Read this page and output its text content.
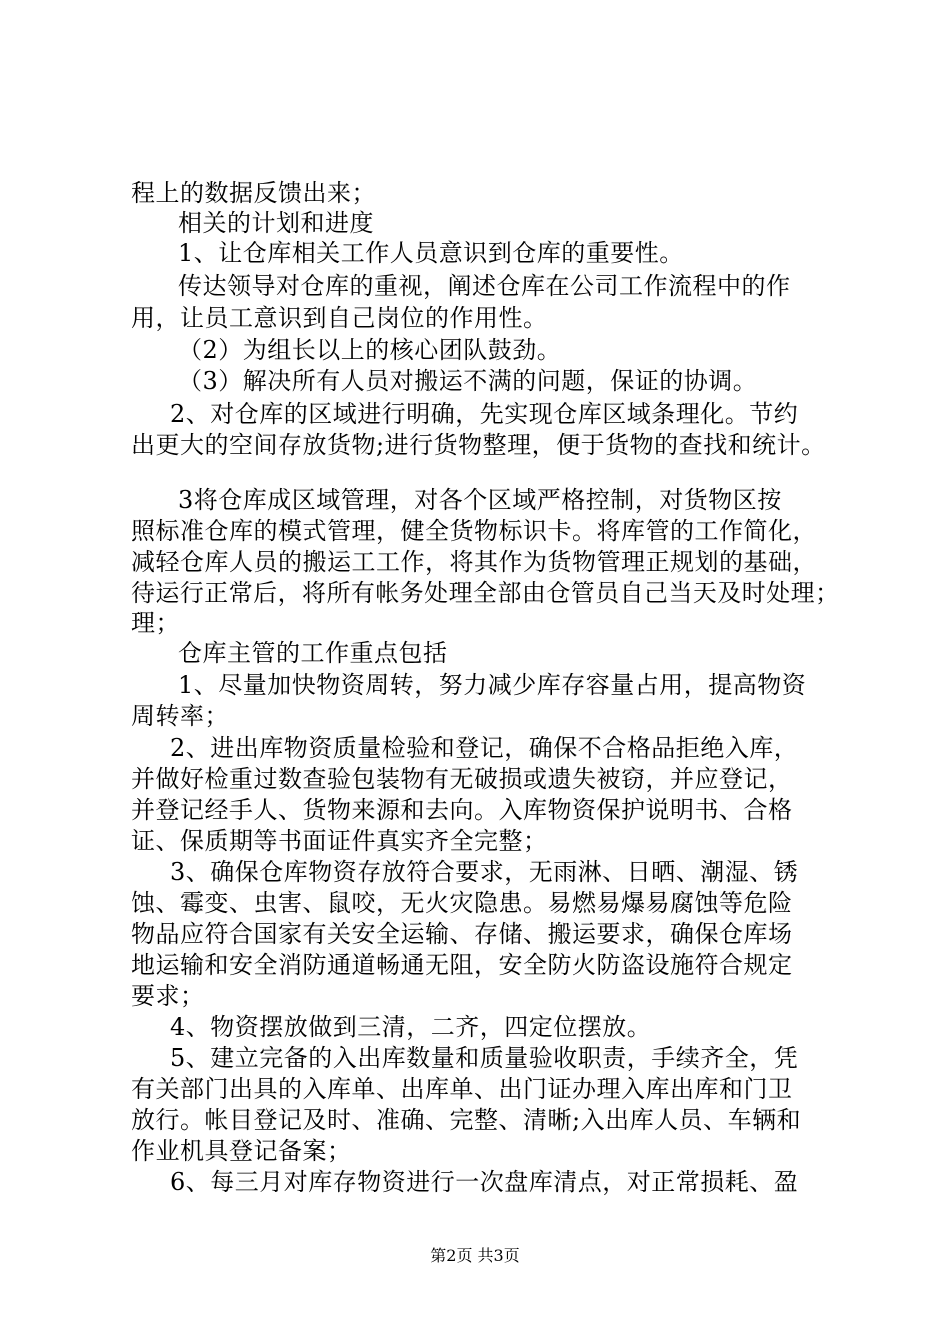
程上的数据反馈出来；
相关的计划和进度
1、让仓库相关工作人员意识到仓库的重要性。
传达领导对仓库的重视，阐述仓库在公司工作流程中的作
用，让员工意识到自己岗位的作用性。
（2）为组长以上的核心团队鼓劲。
（3）解决所有人员对搬运不满的问题，保证的协调。
2、对仓库的区域进行明确，先实现仓库区域条理化。节约
出更大的空间存放货物;进行货物整理，便于货物的查找和统计。
3将仓库成区域管理，对各个区域严格控制，对货物区按
照标准仓库的模式管理，健全货物标识卡。将库管的工作简化，
减轻仓库人员的搬运工工作，将其作为货物管理正规划的基础，
待运行正常后，将所有帐务处理全部由仓管员自己当天及时处理；
理；
仓库主管的工作重点包括
1、尽量加快物资周转，努力减少库存容量占用，提高物资
周转率；
2、进出库物资质量检验和登记，确保不合格品拒绝入库，
并做好检重过数查验包装物有无破损或遗失被窃，并应登记，
并登记经手人、货物来源和去向。入库物资保护说明书、合格
证、保质期等书面证件真实齐全完整；
3、确保仓库物资存放符合要求，无雨淋、日晒、潮湿、锈
蚀、霉变、虫害、鼠咬，无火灾隐患。易燃易爆易腐蚀等危险
物品应符合国家有关安全运输、存储、搬运要求，确保仓库场
地运输和安全消防通道畅通无阻，安全防火防盗设施符合规定
要求；
4、物资摆放做到三清，二齐，四定位摆放。
5、建立完备的入出库数量和质量验收职责，手续齐全，凭
有关部门出具的入库单、出库单、出门证办理入库出库和门卫
放行。帐目登记及时、准确、完整、清晰;入出库人员、车辆和
作业机具登记备案；
6、每三月对库存物资进行一次盘库清点，对正常损耗、盈
第2页 共3页
